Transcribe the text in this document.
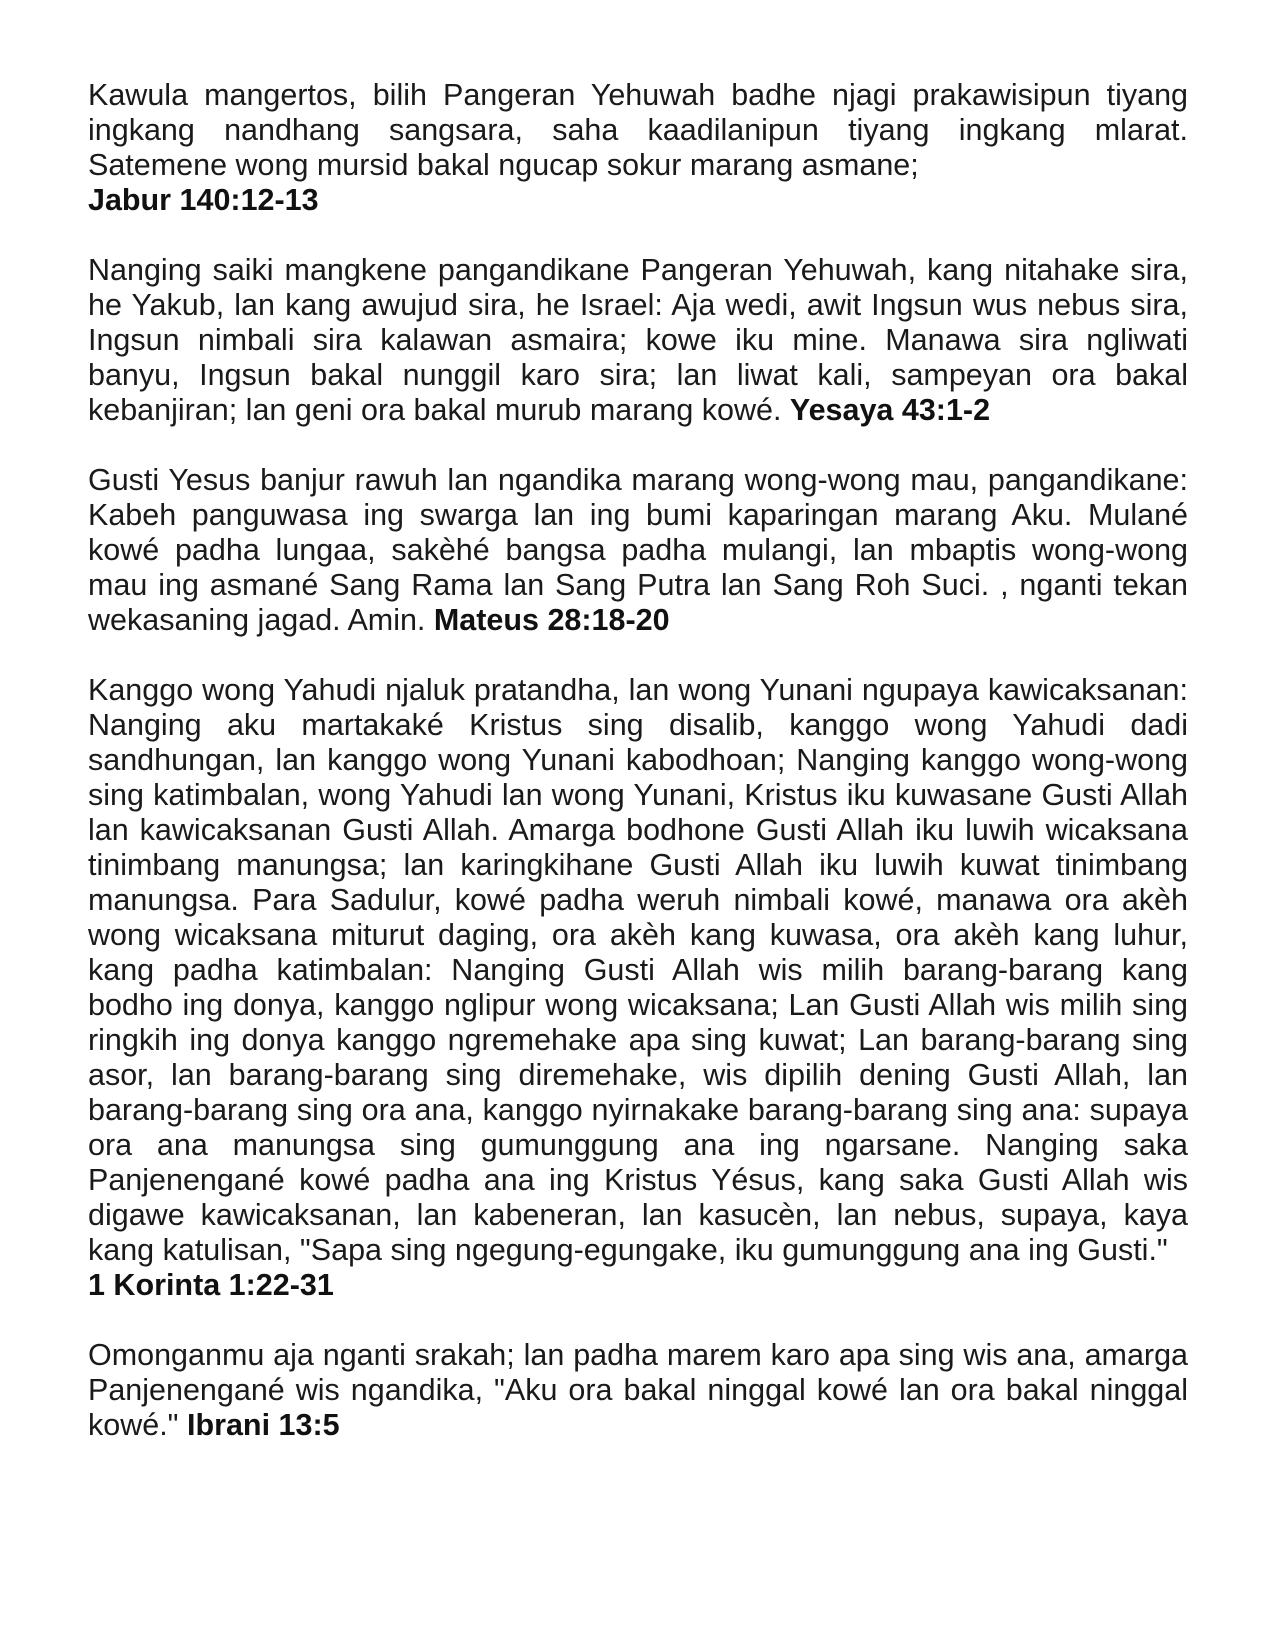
Kawula mangertos, bilih Pangeran Yehuwah badhe njagi prakawisipun tiyang ingkang nandhang sangsara, saha kaadilanipun tiyang ingkang mlarat. Satemene wong mursid bakal ngucap sokur marang asmane;
Jabur 140:12-13

Nanging saiki mangkene pangandikane Pangeran Yehuwah, kang nitahake sira, he Yakub, lan kang awujud sira, he Israel: Aja wedi, awit Ingsun wus nebus sira, Ingsun nimbali sira kalawan asmaira; kowe iku mine. Manawa sira ngliwati banyu, Ingsun bakal nunggil karo sira; lan liwat kali, sampeyan ora bakal kebanjiran; lan geni ora bakal murub marang kowé. Yesaya 43:1-2

Gusti Yesus banjur rawuh lan ngandika marang wong-wong mau, pangandikane: Kabeh panguwasa ing swarga lan ing bumi kaparingan marang Aku. Mulané kowé padha lungaa, sakèhé bangsa padha mulangi, lan mbaptis wong-wong mau ing asmané Sang Rama lan Sang Putra lan Sang Roh Suci. , nganti tekan wekasaning jagad. Amin. Mateus 28:18-20

Kanggo wong Yahudi njaluk pratandha, lan wong Yunani ngupaya kawicaksanan: Nanging aku martakaké Kristus sing disalib, kanggo wong Yahudi dadi sandhungan, lan kanggo wong Yunani kabodhoan; Nanging kanggo wong-wong sing katimbalan, wong Yahudi lan wong Yunani, Kristus iku kuwasane Gusti Allah lan kawicaksanan Gusti Allah. Amarga bodhone Gusti Allah iku luwih wicaksana tinimbang manungsa; lan karingkihane Gusti Allah iku luwih kuwat tinimbang manungsa. Para Sadulur, kowé padha weruh nimbali kowé, manawa ora akèh wong wicaksana miturut daging, ora akèh kang kuwasa, ora akèh kang luhur, kang padha katimbalan: Nanging Gusti Allah wis milih barang-barang kang bodho ing donya, kanggo nglipur wong wicaksana; Lan Gusti Allah wis milih sing ringkih ing donya kanggo ngremehake apa sing kuwat; Lan barang-barang sing asor, lan barang-barang sing diremehake, wis dipilih dening Gusti Allah, lan barang-barang sing ora ana, kanggo nyirnakake barang-barang sing ana: supaya ora ana manungsa sing gumunggung ana ing ngarsane. Nanging saka Panjenengané kowé padha ana ing Kristus Yésus, kang saka Gusti Allah wis digawe kawicaksanan, lan kabeneran, lan kasucèn, lan nebus, supaya, kaya kang katulisan, "Sapa sing ngegung-egungake, iku gumunggung ana ing Gusti."
1 Korinta 1:22-31

Omonganmu aja nganti srakah; lan padha marem karo apa sing wis ana, amarga Panjenengané wis ngandika, "Aku ora bakal ninggal kowé lan ora bakal ninggal kowé." Ibrani 13:5
